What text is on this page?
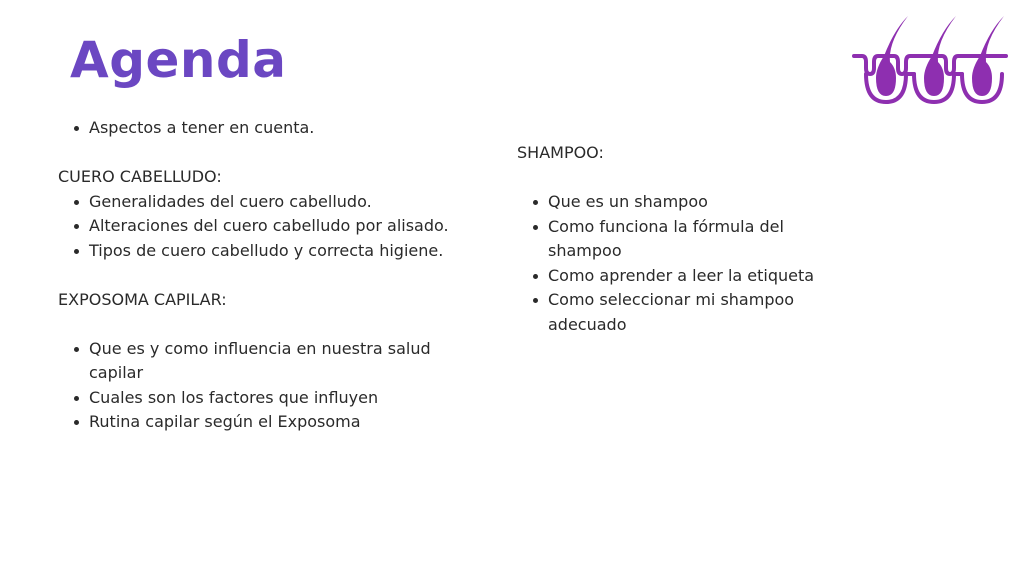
Agenda
Aspectos a tener en cuenta.

CUERO CABELLUDO:

Generalidades del cuero cabelludo.
Alteraciones del cuero cabelludo por alisado.
Tipos de cuero cabelludo y correcta higiene.

EXPOSOMA CAPILAR:

Que es y como influencia en nuestra salud capilar
Cuales son los factores que influyen
Rutina capilar según el Exposoma

SHAMPOO:

Que es un shampoo
Como funciona la fórmula del shampoo
Como aprender a leer la etiqueta
Como seleccionar mi shampoo adecuado
